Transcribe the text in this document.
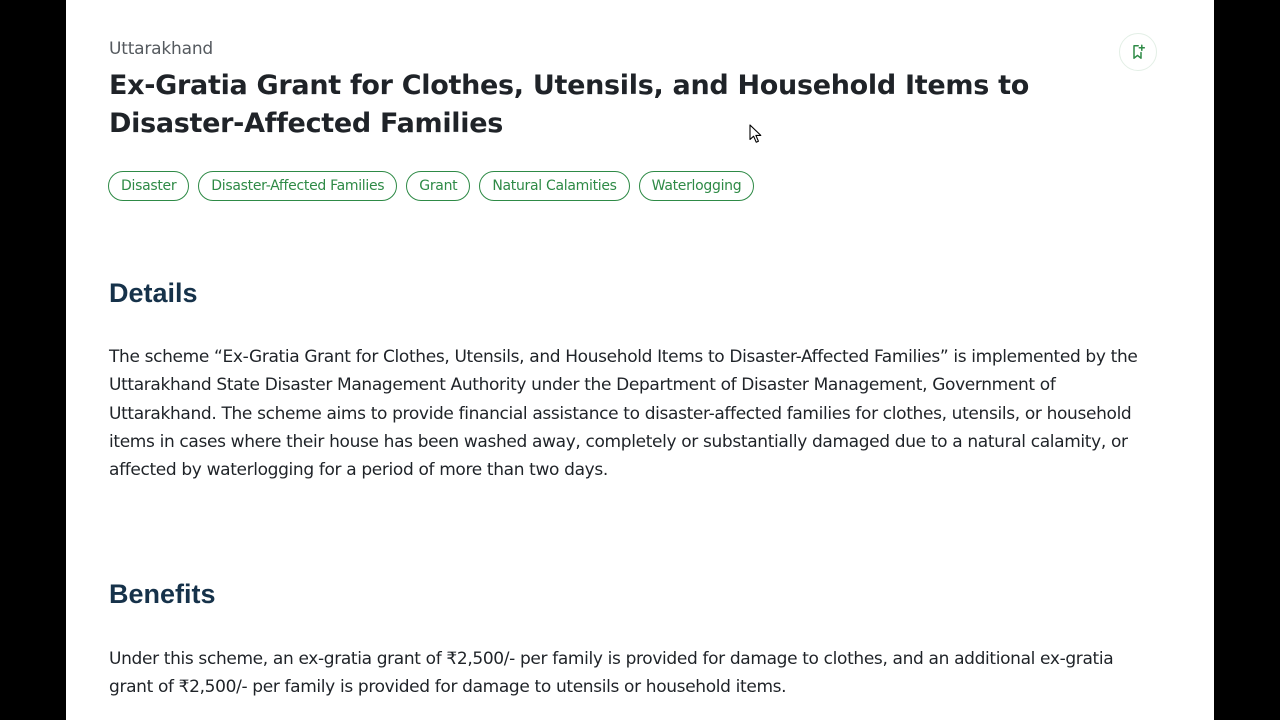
Uttarakhand
Ex-Gratia Grant for Clothes, Utensils, and Household Items to Disaster-Affected Families
Disaster	Disaster-Affected Families	Grant	Natural Calamities	Waterlogging
Details

The scheme “Ex-Gratia Grant for Clothes, Utensils, and Household Items to Disaster-Affected Families” is implemented by the Uttarakhand State Disaster Management Authority under the Department of Disaster Management, Government of Uttarakhand. The scheme aims to provide financial assistance to disaster-affected families for clothes, utensils, or household items in cases where their house has been washed away, completely or substantially damaged due to a natural calamity, or affected by waterlogging for a period of more than two days.

Benefits

Under this scheme, an ex-gratia grant of ₹2,500/- per family is provided for damage to clothes, and an additional ex-gratia grant of ₹2,500/- per family is provided for damage to utensils or household items.
